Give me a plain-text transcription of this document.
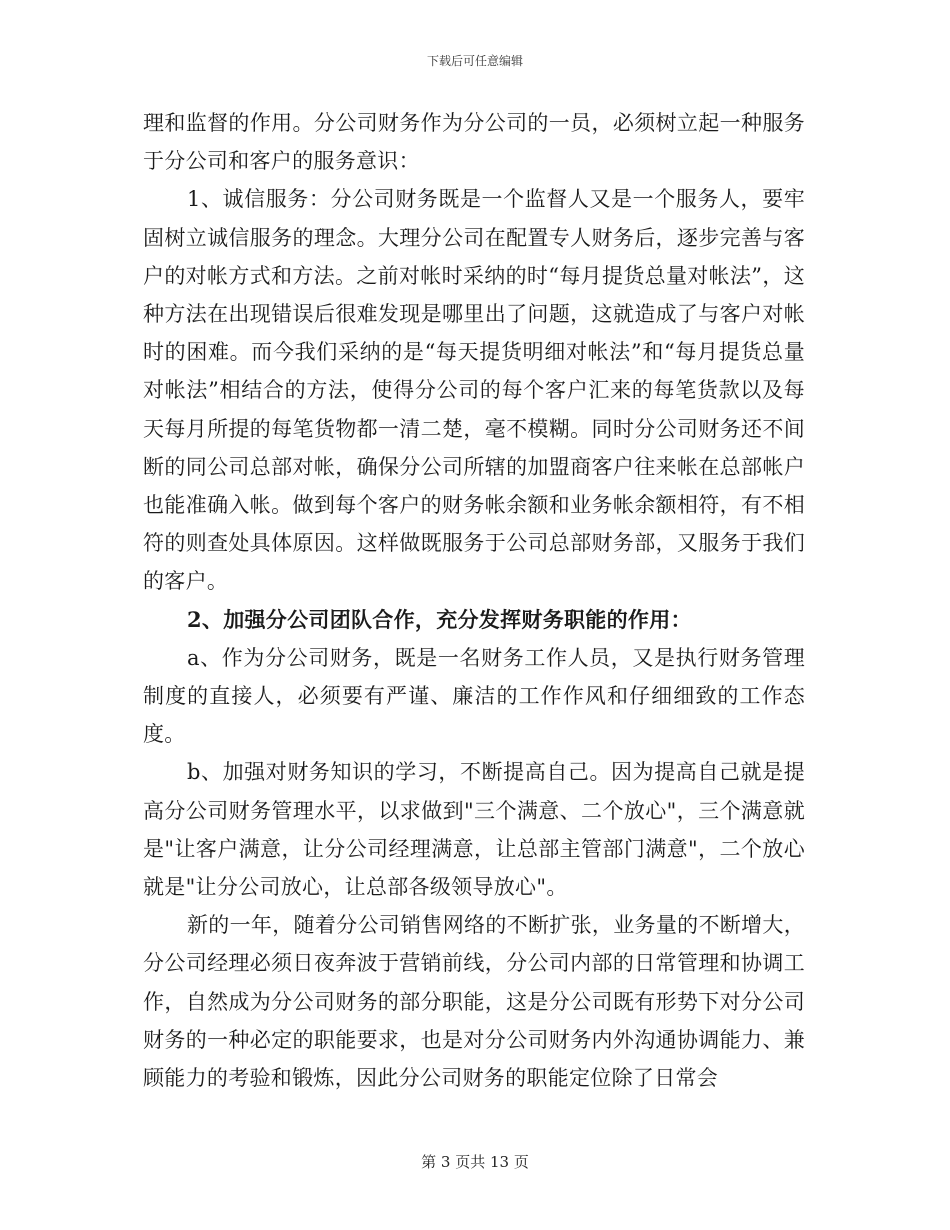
下载后可任意编辑

理和监督的作用。分公司财务作为分公司的一员，必须树立起一种服务于分公司和客户的服务意识：

1、诚信服务：分公司财务既是一个监督人又是一个服务人，要牢固树立诚信服务的理念。大理分公司在配置专人财务后，逐步完善与客户的对帐方式和方法。之前对帐时采纳的时“每月提货总量对帐法”，这种方法在出现错误后很难发现是哪里出了问题，这就造成了与客户对帐时的困难。而今我们采纳的是“每天提货明细对帐法”和“每月提货总量对帐法”相结合的方法，使得分公司的每个客户汇来的每笔货款以及每天每月所提的每笔货物都一清二楚，毫不模糊。同时分公司财务还不间断的同公司总部对帐，确保分公司所辖的加盟商客户往来帐在总部帐户也能准确入帐。做到每个客户的财务帐余额和业务帐余额相符，有不相符的则查处具体原因。这样做既服务于公司总部财务部，又服务于我们的客户。

2、加强分公司团队合作，充分发挥财务职能的作用：

a、作为分公司财务，既是一名财务工作人员，又是执行财务管理制度的直接人，必须要有严谨、廉洁的工作作风和仔细细致的工作态度。

b、加强对财务知识的学习，不断提高自己。因为提高自己就是提高分公司财务管理水平，以求做到"三个满意、二个放心"，三个满意就是"让客户满意，让分公司经理满意，让总部主管部门满意"，二个放心就是"让分公司放心，让总部各级领导放心"。

新的一年，随着分公司销售网络的不断扩张，业务量的不断增大，分公司经理必须日夜奔波于营销前线，分公司内部的日常管理和协调工作，自然成为分公司财务的部分职能，这是分公司既有形势下对分公司财务的一种必定的职能要求，也是对分公司财务内外沟通协调能力、兼顾能力的考验和锻炼，因此分公司财务的职能定位除了日常会

第 3 页共 13 页
